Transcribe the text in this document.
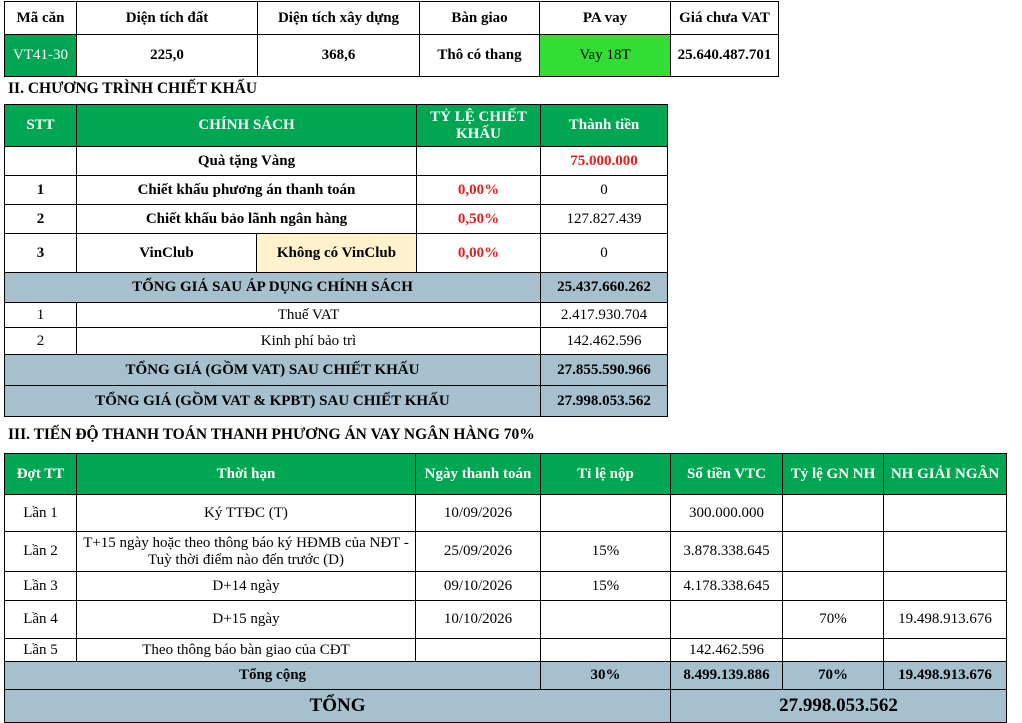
Mã căn	Diện tích đất	Diện tích xây dựng	Bàn giao	PA vay	Giá chưa VAT
VT41-30	225,0	368,6	Thô có thang	Vay 18T	25.640.487.701
II. CHƯƠNG TRÌNH CHIẾT KHẤU
STT	CHÍNH SÁCH		TỶ LỆ CHIẾT KHẤU	Thành tiền
	Quà tặng Vàng			75.000.000
1	Chiết khấu phương án thanh toán		0,00%	0
2	Chiết khấu bảo lãnh ngân hàng		0,50%	127.827.439
3	VinClub	Không có VinClub	0,00%	0
TỔNG GIÁ SAU ÁP DỤNG CHÍNH SÁCH				25.437.660.262
1	Thuế VAT			2.417.930.704
2	Kinh phí bảo trì			142.462.596
TỔNG GIÁ (GỒM VAT) SAU CHIẾT KHẤU				27.855.590.966
TỔNG GIÁ (GỒM VAT & KPBT) SAU CHIẾT KHẤU				27.998.053.562
III. TIẾN ĐỘ THANH TOÁN THANH PHƯƠNG ÁN VAY NGÂN HÀNG 70%
Đợt TT	Thời hạn	Ngày thanh toán	Tỉ lệ nộp	Số tiền VTC	Tỷ lệ GN NH	NH GIẢI NGÂN
Lần 1	Ký TTĐC (T)	10/09/2026		300.000.000		
Lần 2	T+15 ngày hoặc theo thông báo ký HĐMB của NĐT - Tuỳ thời điểm nào đến trước (D)	25/09/2026	15%	3.878.338.645		
Lần 3	D+14 ngày	09/10/2026	15%	4.178.338.645		
Lần 4	D+15 ngày	10/10/2026			70%	19.498.913.676
Lần 5	Theo thông báo bàn giao của CĐT			142.462.596		
Tổng cộng			30%	8.499.139.886	70%	19.498.913.676
TỔNG				27.998.053.562		
